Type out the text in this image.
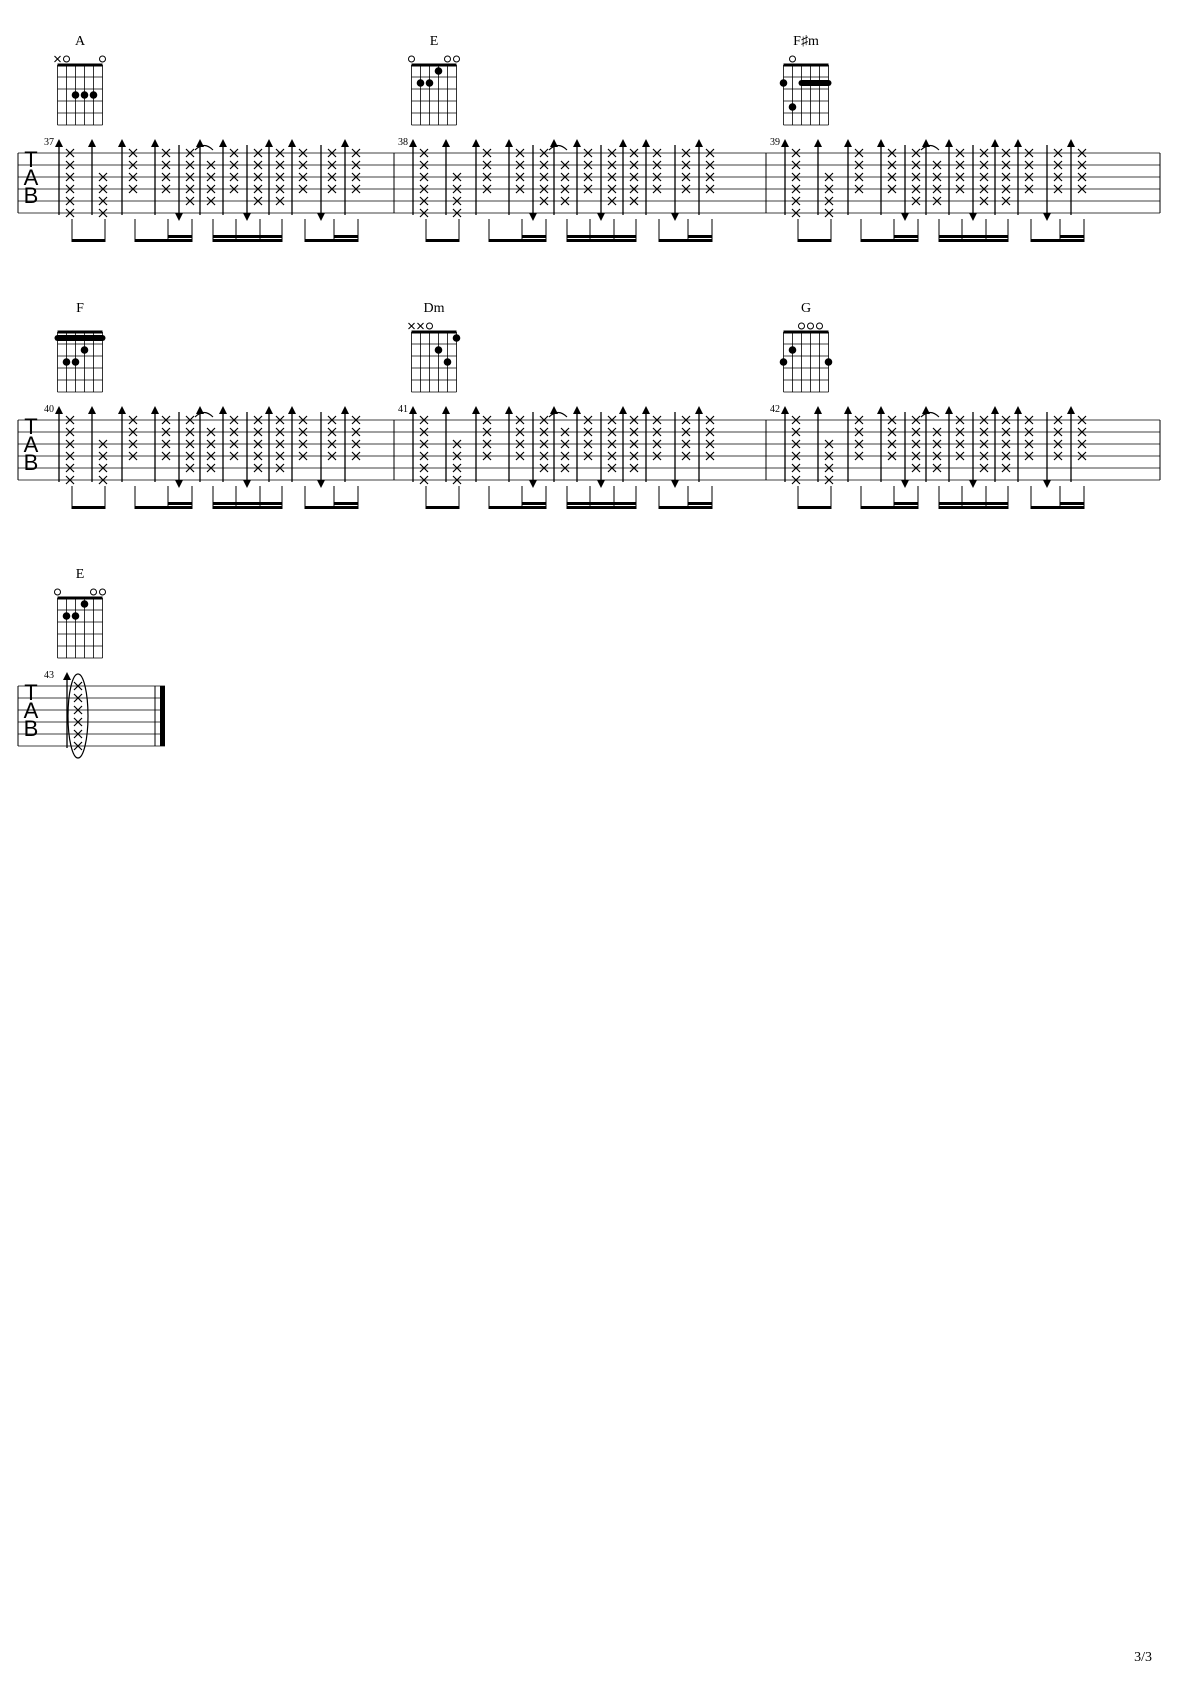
T
A
B
A
37
E
38
F♯m
39
T
A
B
F
40
Dm
41
G
42
T
A
B
E
43
3/3
